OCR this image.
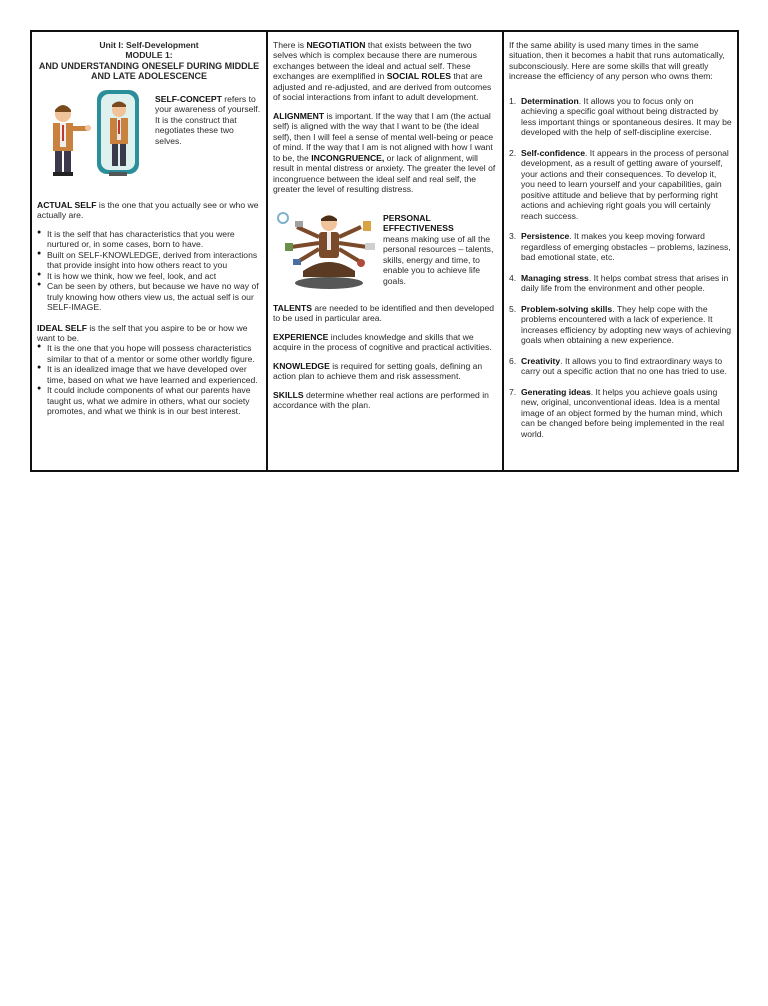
Unit I: Self-Development
MODULE 1:
AND UNDERSTANDING ONESELF DURING MIDDLE AND LATE ADOLESCENCE
SELF-CONCEPT refers to your awareness of yourself. It is the construct that negotiates these two selves.

ACTUAL SELF is the one that you actually see or who we actually are.

● It is the self that has characteristics that you were nurtured or, in some cases, born to have.
● Built on SELF-KNOWLEDGE, derived from interactions that provide insight into how others react to you
● It is how we think, how we feel, look, and act
● Can be seen by others, but because we have no way of truly knowing how others view us, the actual self is our SELF-IMAGE.

IDEAL SELF is the self that you aspire to be or how we want to be.

● It is the one that you hope will possess characteristics similar to that of a mentor or some other worldly figure.
● It is an idealized image that we have developed over time, based on what we have learned and experienced.
● It could include components of what our parents have taught us, what we admire in others, what our society promotes, and what we think is in our best interest.

There is NEGOTIATION that exists between the two selves which is complex because there are numerous exchanges between the ideal and actual self. These exchanges are exemplified in SOCIAL ROLES that are adjusted and re-adjusted, and are derived from outcomes of social interactions from infant to adult development.

ALIGNMENT is important. If the way that I am (the actual self) is aligned with the way that I want to be (the ideal self), then I will feel a sense of mental well-being or peace of mind. If the way that I am is not aligned with how I want to be, the INCONGRUENCE, or lack of alignment, will result in mental distress or anxiety. The greater the level of incongruence between the ideal self and real self, the greater the level of resulting distress.

PERSONAL EFFECTIVENESS
means making use of all the personal resources – talents, skills, energy and time, to enable you to achieve life goals.

TALENTS are needed to be identified and then developed to be used in particular area.

EXPERIENCE includes knowledge and skills that we acquire in the process of cognitive and practical activities.

KNOWLEDGE is required for setting goals, defining an action plan to achieve them and risk assessment.

SKILLS determine whether real actions are performed in accordance with the plan.

If the same ability is used many times in the same situation, then it becomes a habit that runs automatically, subconsciously. Here are some skills that will greatly increase the efficiency of any person who owns them:

1. Determination. It allows you to focus only on achieving a specific goal without being distracted by less important things or spontaneous desires. It may be developed with the help of self-discipline exercise.
2. Self-confidence. It appears in the process of personal development, as a result of getting aware of yourself, your actions and their consequences. To develop it, you need to learn yourself and your capabilities, gain positive attitude and believe that by performing right actions and achieving right goals you will certainly reach success.
3. Persistence. It makes you keep moving forward regardless of emerging obstacles – problems, laziness, bad emotional state, etc.
4. Managing stress. It helps combat stress that arises in daily life from the environment and other people.
5. Problem-solving skills. They help cope with the problems encountered with a lack of experience. It increases efficiency by adopting new ways of achieving goals when obtaining a new experience.
6. Creativity. It allows you to find extraordinary ways to carry out a specific action that no one has tried to use.
7. Generating ideas. It helps you achieve goals using new, original, unconventional ideas. Idea is a mental image of an object formed by the human mind, which can be changed before being implemented in the real world.
